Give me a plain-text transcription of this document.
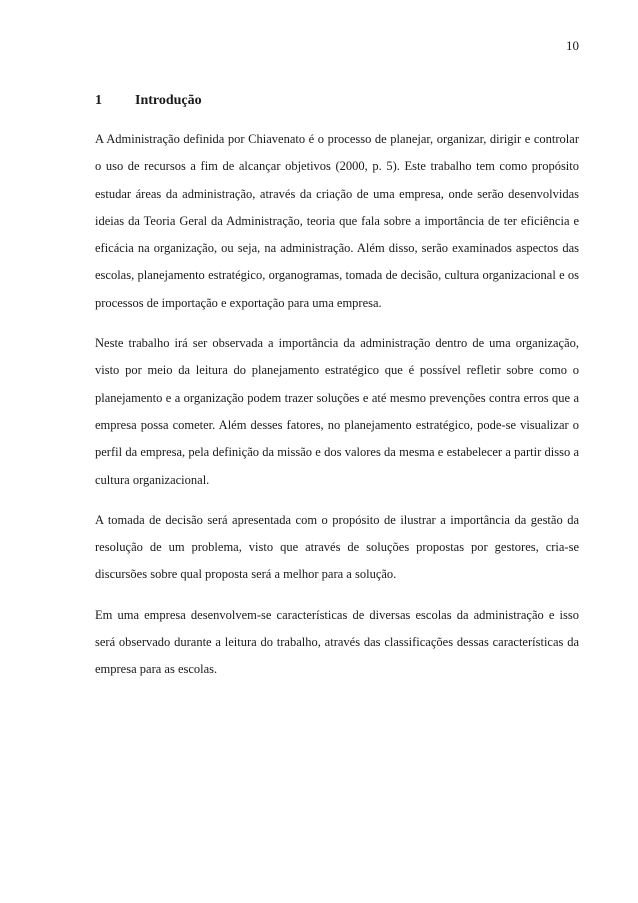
10
1	Introdução

A Administração definida por Chiavenato é o processo de planejar, organizar, dirigir e controlar o uso de recursos a fim de alcançar objetivos (2000, p. 5). Este trabalho tem como propósito estudar áreas da administração, através da criação de uma empresa, onde serão desenvolvidas ideias da Teoria Geral da Administração, teoria que fala sobre a importância de ter eficiência e eficácia na organização, ou seja, na administração. Além disso, serão examinados aspectos das escolas, planejamento estratégico, organogramas, tomada de decisão, cultura organizacional e os processos de importação e exportação para uma empresa.

Neste trabalho irá ser observada a importância da administração dentro de uma organização, visto por meio da leitura do planejamento estratégico que é possível refletir sobre como o planejamento e a organização podem trazer soluções e até mesmo prevenções contra erros que a empresa possa cometer. Além desses fatores, no planejamento estratégico, pode-se visualizar o perfil da empresa, pela definição da missão e dos valores da mesma e estabelecer a partir disso a cultura organizacional.

A tomada de decisão será apresentada com o propósito de ilustrar a importância da gestão da resolução de um problema, visto que através de soluções propostas por gestores, cria-se discursões sobre qual proposta será a melhor para a solução.

Em uma empresa desenvolvem-se características de diversas escolas da administração e isso será observado durante a leitura do trabalho, através das classificações dessas características da empresa para as escolas.
